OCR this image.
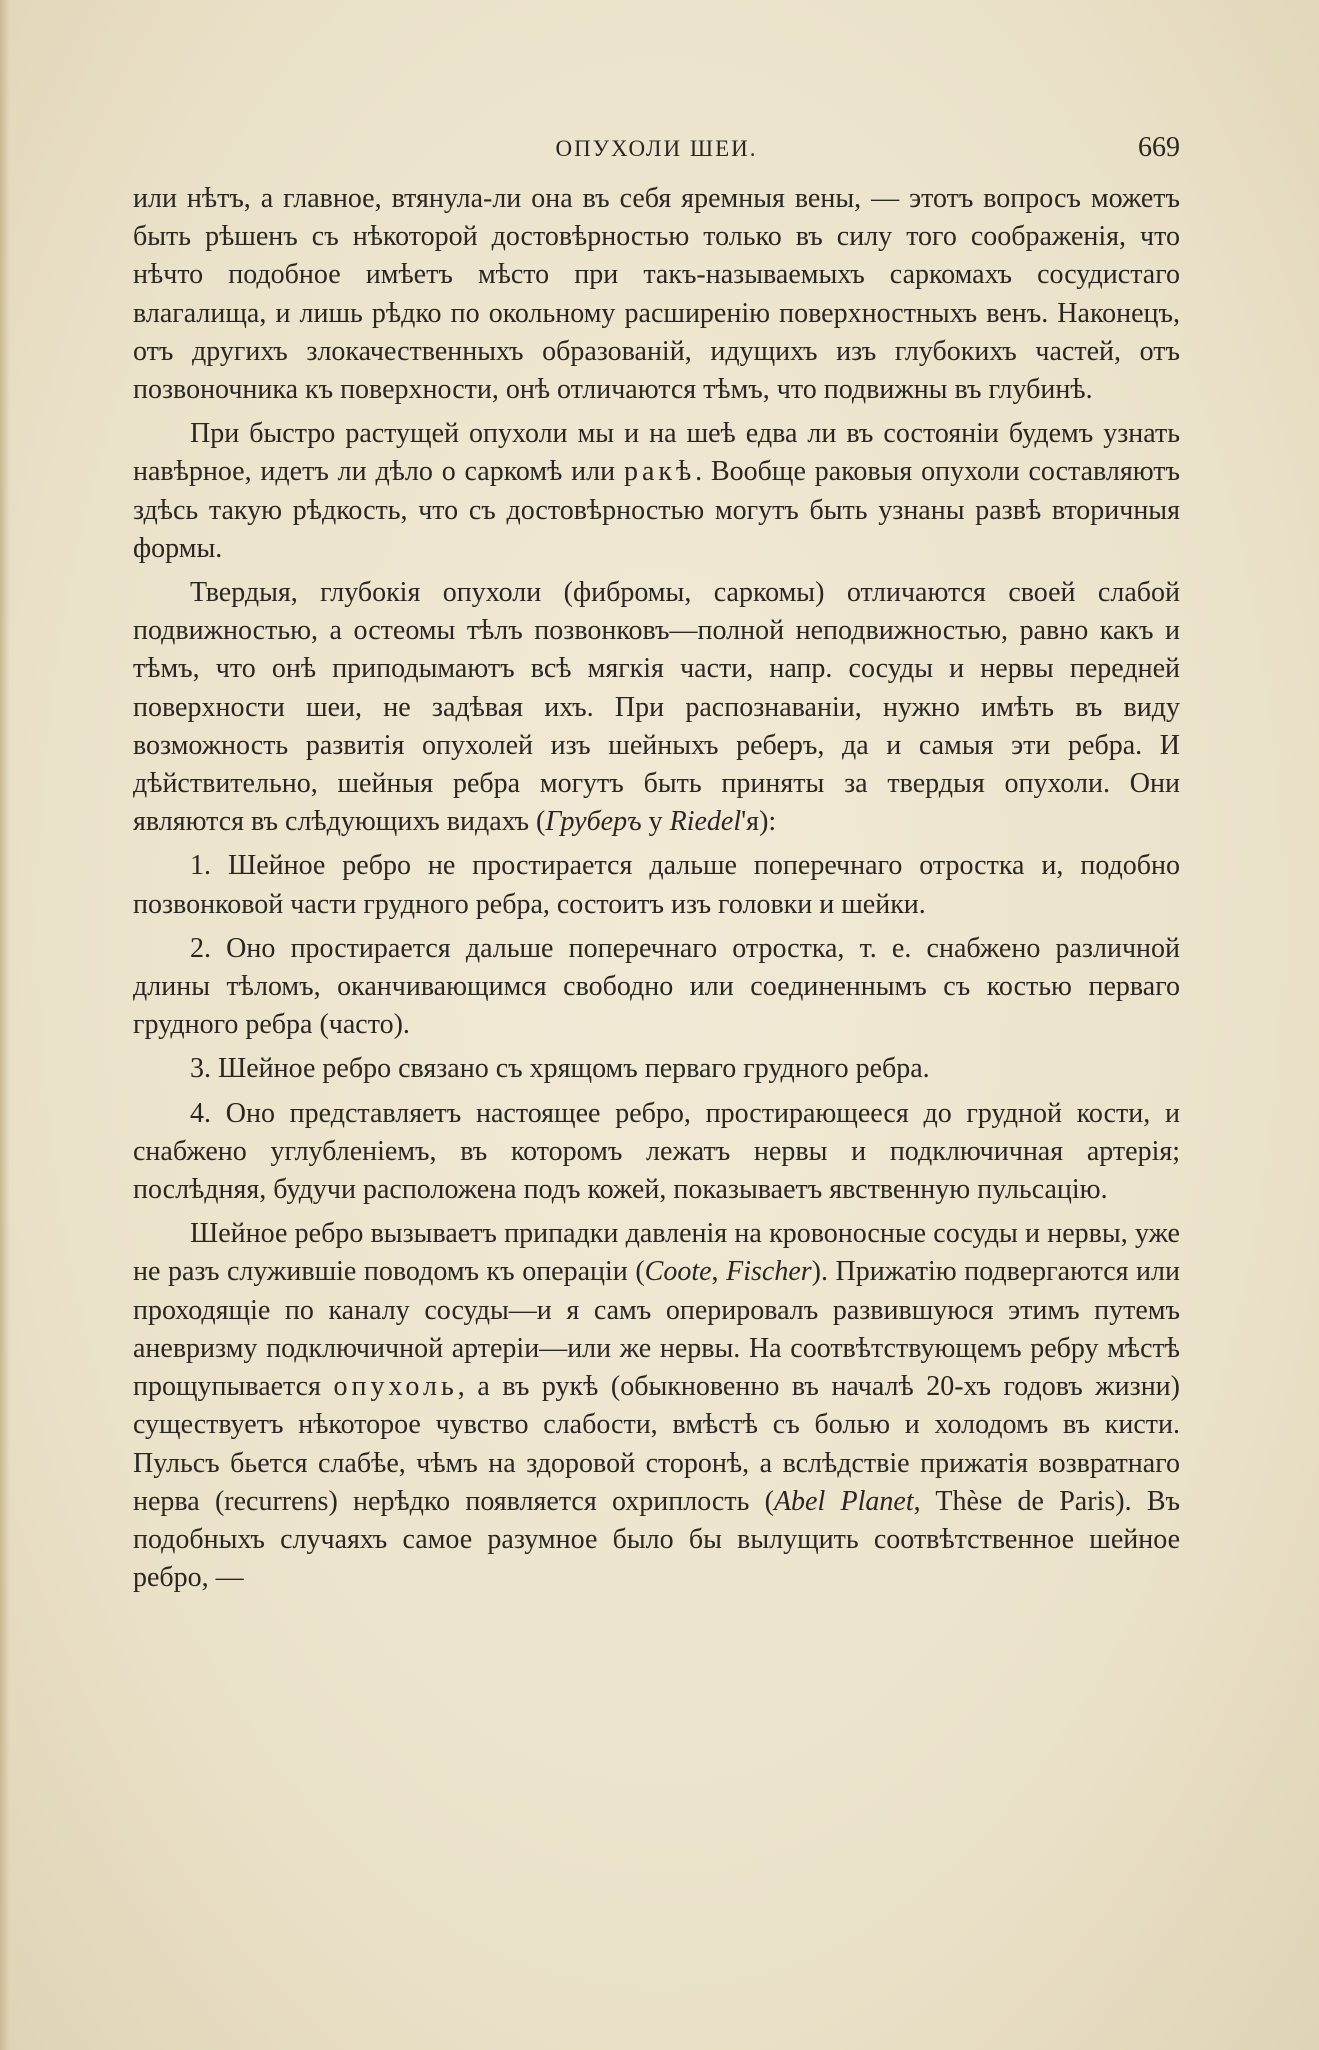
ОПУХОЛИ ШЕИ.	669

или нѣтъ, а главное, втянула-ли она въ себя яремныя вены, — этотъ вопросъ можетъ быть рѣшенъ съ нѣкоторой достовѣрностью только въ силу того соображенія, что нѣчто подобное имѣетъ мѣсто при такъ-называемыхъ саркомахъ сосудистаго влагалища, и лишь рѣдко по окольному расширенію поверхностныхъ венъ. Наконецъ, отъ другихъ злокачественныхъ образованій, идущихъ изъ глубокихъ частей, отъ позвоночника къ поверхности, онѣ отличаются тѣмъ, что подвижны въ глубинѣ.

При быстро растущей опухоли мы и на шеѣ едва ли въ состояніи будемъ узнать навѣрное, идетъ ли дѣло о саркомѣ или ракѣ. Вообще раковыя опухоли составляютъ здѣсь такую рѣдкость, что съ достовѣрностью могутъ быть узнаны развѣ вторичныя формы.

Твердыя, глубокія опухоли (фибромы, саркомы) отличаются своей слабой подвижностью, а остеомы тѣлъ позвонковъ—полной неподвижностью, равно какъ и тѣмъ, что онѣ приподымаютъ всѣ мягкія части, напр. сосуды и нервы передней поверхности шеи, не задѣвая ихъ. При распознаваніи, нужно имѣть въ виду возможность развитія опухолей изъ шейныхъ реберъ, да и самыя эти ребра. И дѣйствительно, шейныя ребра могутъ быть приняты за твердыя опухоли. Они являются въ слѣдующихъ видахъ (Груберъ у Riedel'я):

1. Шейное ребро не простирается дальше поперечнаго отростка и, подобно позвонковой части грудного ребра, состоитъ изъ головки и шейки.

2. Оно простирается дальше поперечнаго отростка, т. е. снабжено различной длины тѣломъ, оканчивающимся свободно или соединеннымъ съ костью перваго грудного ребра (часто).

3. Шейное ребро связано съ хрящомъ перваго грудного ребра.

4. Оно представляетъ настоящее ребро, простирающееся до грудной кости, и снабжено углубленіемъ, въ которомъ лежатъ нервы и подключичная артерія; послѣдняя, будучи расположена подъ кожей, показываетъ явственную пульсацію.

Шейное ребро вызываетъ припадки давленія на кровоносные сосуды и нервы, уже не разъ служившіе поводомъ къ операціи (Coote, Fischer). Прижатію подвергаются или проходящіе по каналу сосуды—и я самъ оперировалъ развившуюся этимъ путемъ аневризму подключичной артеріи—или же нервы. На соотвѣтствующемъ ребру мѣстѣ прощупывается опухоль, а въ рукѣ (обыкновенно въ началѣ 20-хъ годовъ жизни) существуетъ нѣкоторое чувство слабости, вмѣстѣ съ болью и холодомъ въ кисти. Пульсъ бьется слабѣе, чѣмъ на здоровой сторонѣ, а вслѣдствіе прижатія возвратнаго нерва (recurrens) нерѣдко появляется охриплость (Abel Planet, Thèse de Paris). Въ подобныхъ случаяхъ самое разумное было бы вылущить соотвѣтственное шейное ребро, —
